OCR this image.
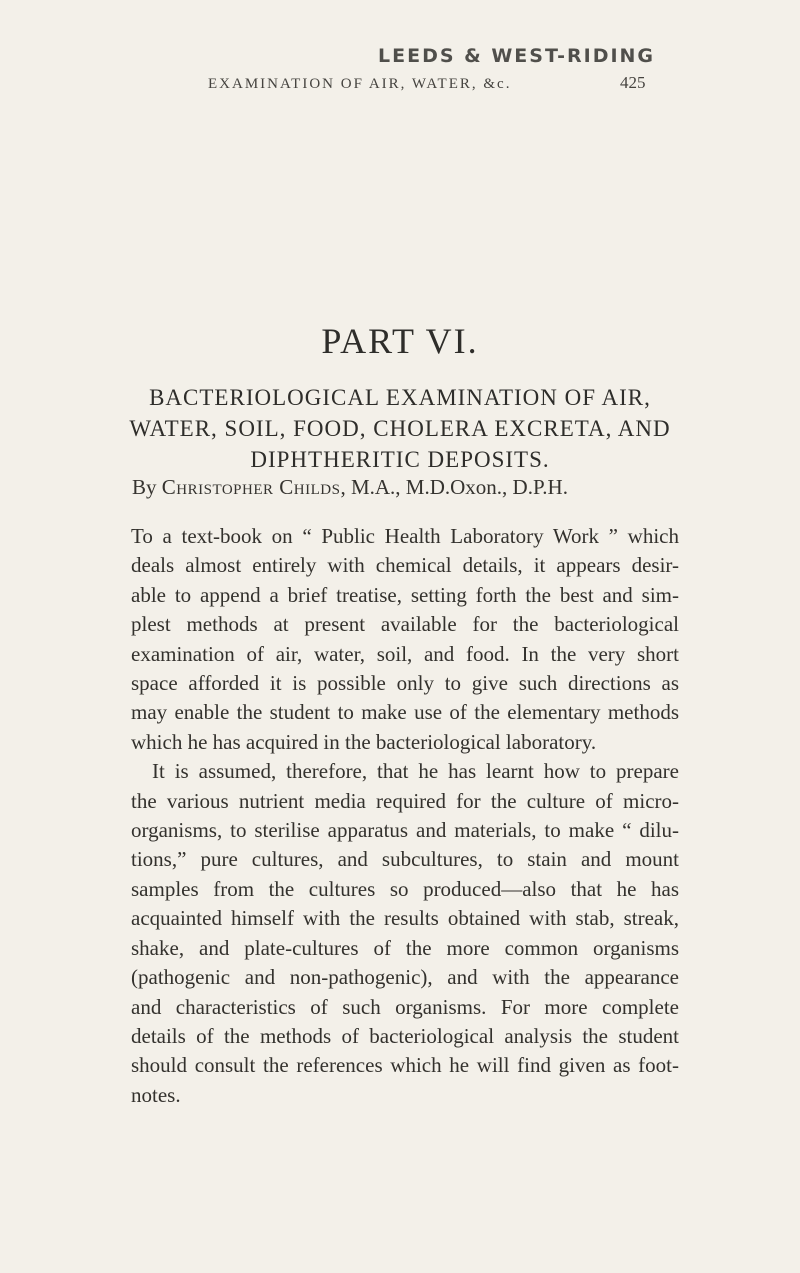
LEEDS & WEST-RIDING
EXAMINATION OF AIR, WATER, &c.	425
PART VI.
BACTERIOLOGICAL EXAMINATION OF AIR,
WATER, SOIL, FOOD, CHOLERA EXCRETA, AND
DIPHTHERITIC DEPOSITS.
By Christopher Childs, M.A., M.D.Oxon., D.P.H.
To a text-book on “ Public Health Laboratory Work ” which
deals almost entirely with chemical details, it appears desir-
able to append a brief treatise, setting forth the best and sim-
plest methods at present available for the bacteriological
examination of air, water, soil, and food. In the very short
space afforded it is possible only to give such directions as
may enable the student to make use of the elementary methods
which he has acquired in the bacteriological laboratory.
It is assumed, therefore, that he has learnt how to prepare
the various nutrient media required for the culture of micro-
organisms, to sterilise apparatus and materials, to make “ dilu-
tions,” pure cultures, and subcultures, to stain and mount
samples from the cultures so produced—also that he has
acquainted himself with the results obtained with stab, streak,
shake, and plate-cultures of the more common organisms
(pathogenic and non-pathogenic), and with the appearance
and characteristics of such organisms. For more complete
details of the methods of bacteriological analysis the student
should consult the references which he will find given as foot-
notes.
